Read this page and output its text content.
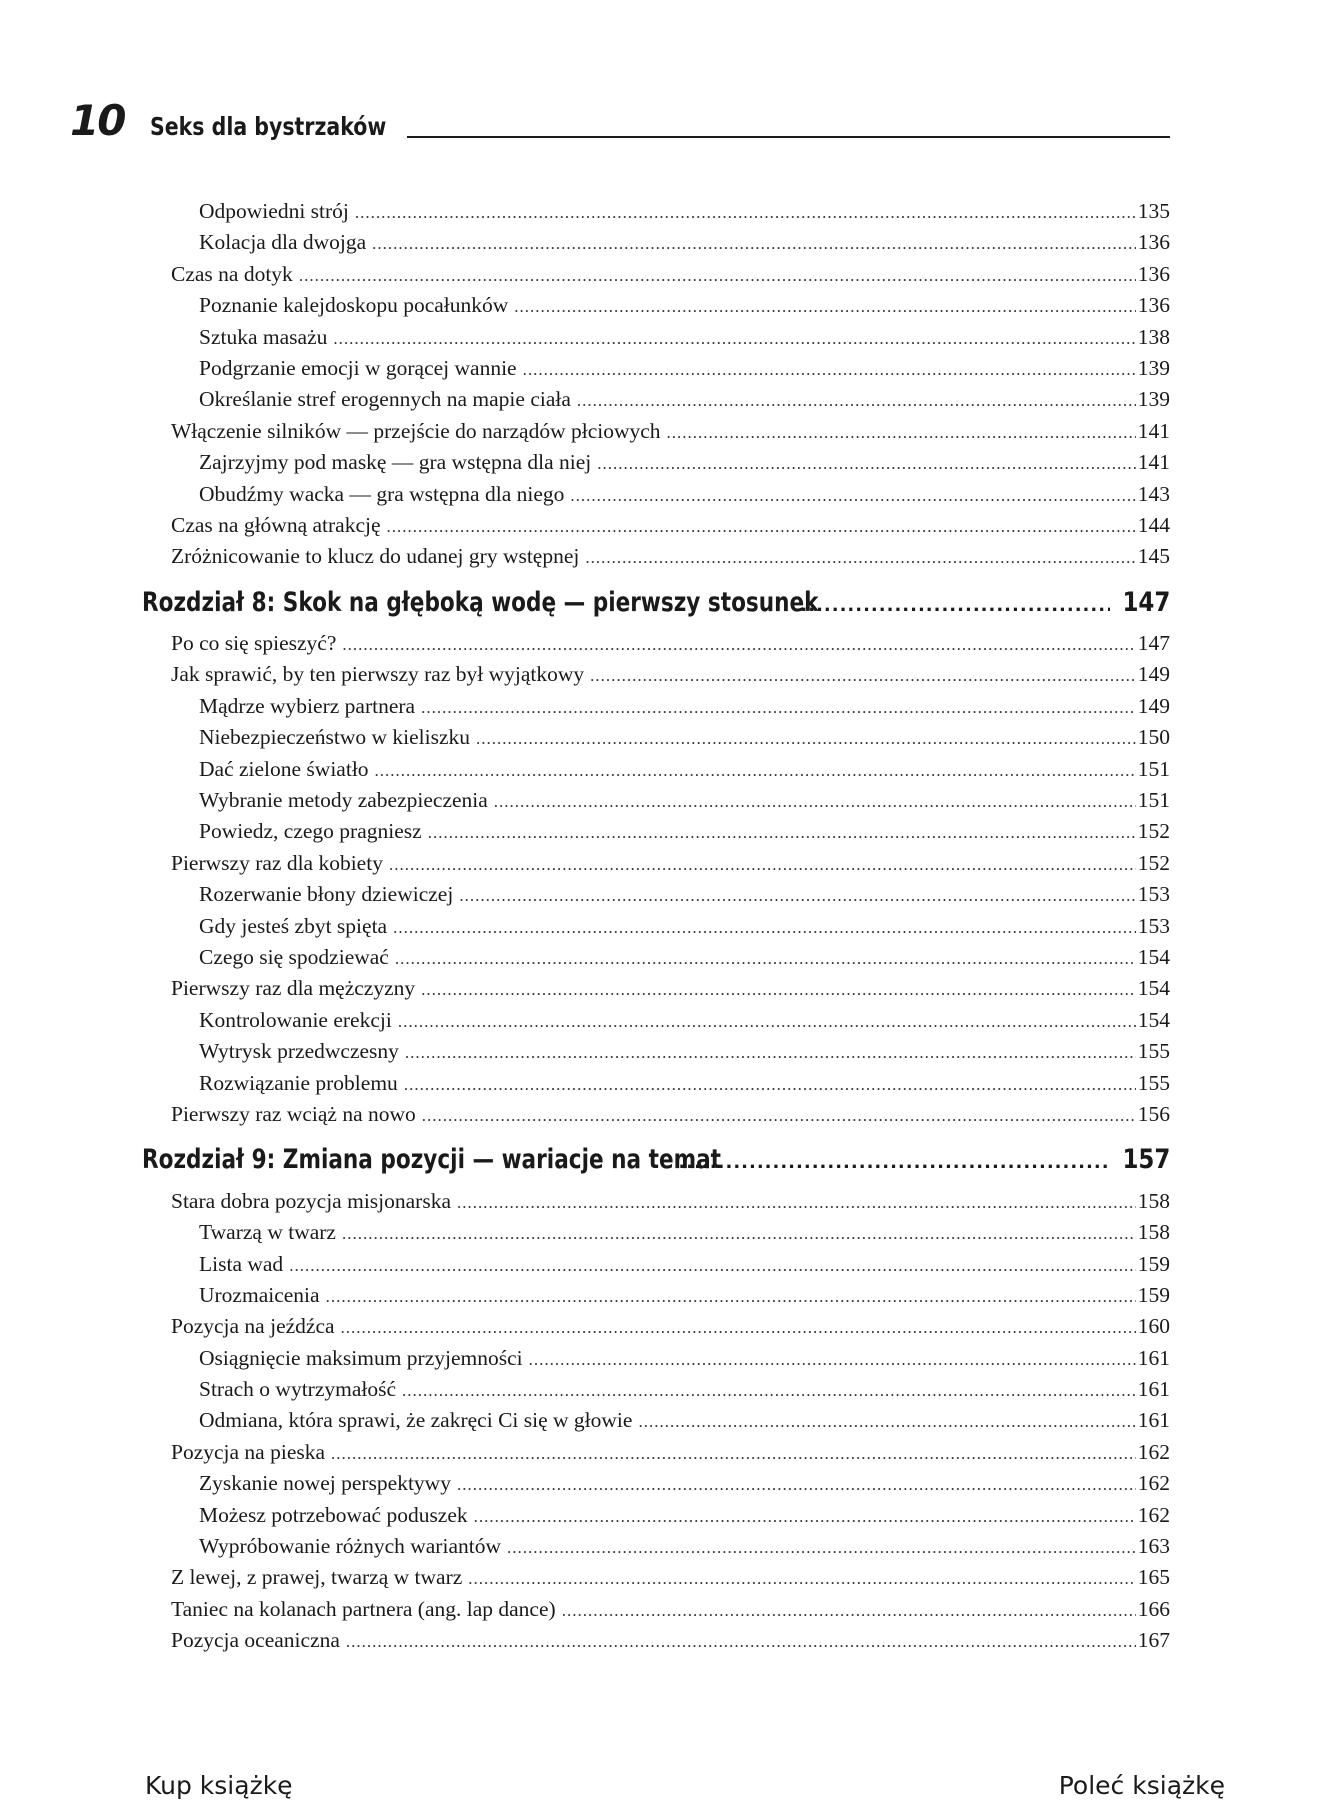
10 Seks dla bystrzaków
Odpowiedni strój .....	135
Kolacja dla dwojga .....	136
Czas na dotyk .....	136
Poznanie kalejdoskopu pocałunków .....	136
Sztuka masażu .....	138
Podgrzanie emocji w gorącej wannie .....	139
Określanie stref erogennych na mapie ciała .....	139
Włączenie silników — przejście do narządów płciowych .....	141
Zajrzyjmy pod maskę — gra wstępna dla niej .....	141
Obudźmy wacka — gra wstępna dla niego .....	143
Czas na główną atrakcję .....	144
Zróżnicowanie to klucz do udanej gry wstępnej .....	145
Rozdział 8: Skok na głęboką wodę — pierwszy stosunek .....	147
Po co się spieszyć? .....	147
Jak sprawić, by ten pierwszy raz był wyjątkowy .....	149
Mądrze wybierz partnera .....	149
Niebezpieczeństwo w kieliszku .....	150
Dać zielone światło .....	151
Wybranie metody zabezpieczenia .....	151
Powiedz, czego pragniesz .....	152
Pierwszy raz dla kobiety .....	152
Rozerwanie błony dziewiczej .....	153
Gdy jesteś zbyt spięta .....	153
Czego się spodziewać .....	154
Pierwszy raz dla mężczyzny .....	154
Kontrolowanie erekcji .....	154
Wytrysk przedwczesny .....	155
Rozwiązanie problemu .....	155
Pierwszy raz wciąż na nowo .....	156
Rozdział 9: Zmiana pozycji — wariacje na temat .....	157
Stara dobra pozycja misjonarska .....	158
Twarzą w twarz .....	158
Lista wad .....	159
Urozmaicenia .....	159
Pozycja na jeźdźca .....	160
Osiągnięcie maksimum przyjemności .....	161
Strach o wytrzymałość .....	161
Odmiana, która sprawi, że zakręci Ci się w głowie .....	161
Pozycja na pieska .....	162
Zyskanie nowej perspektywy .....	162
Możesz potrzebować poduszek .....	162
Wypróbowanie różnych wariantów .....	163
Z lewej, z prawej, twarzą w twarz .....	165
Taniec na kolanach partnera (ang. lap dance) .....	166
Pozycja oceaniczna .....	167
Kup książkę	Poleć książkę
